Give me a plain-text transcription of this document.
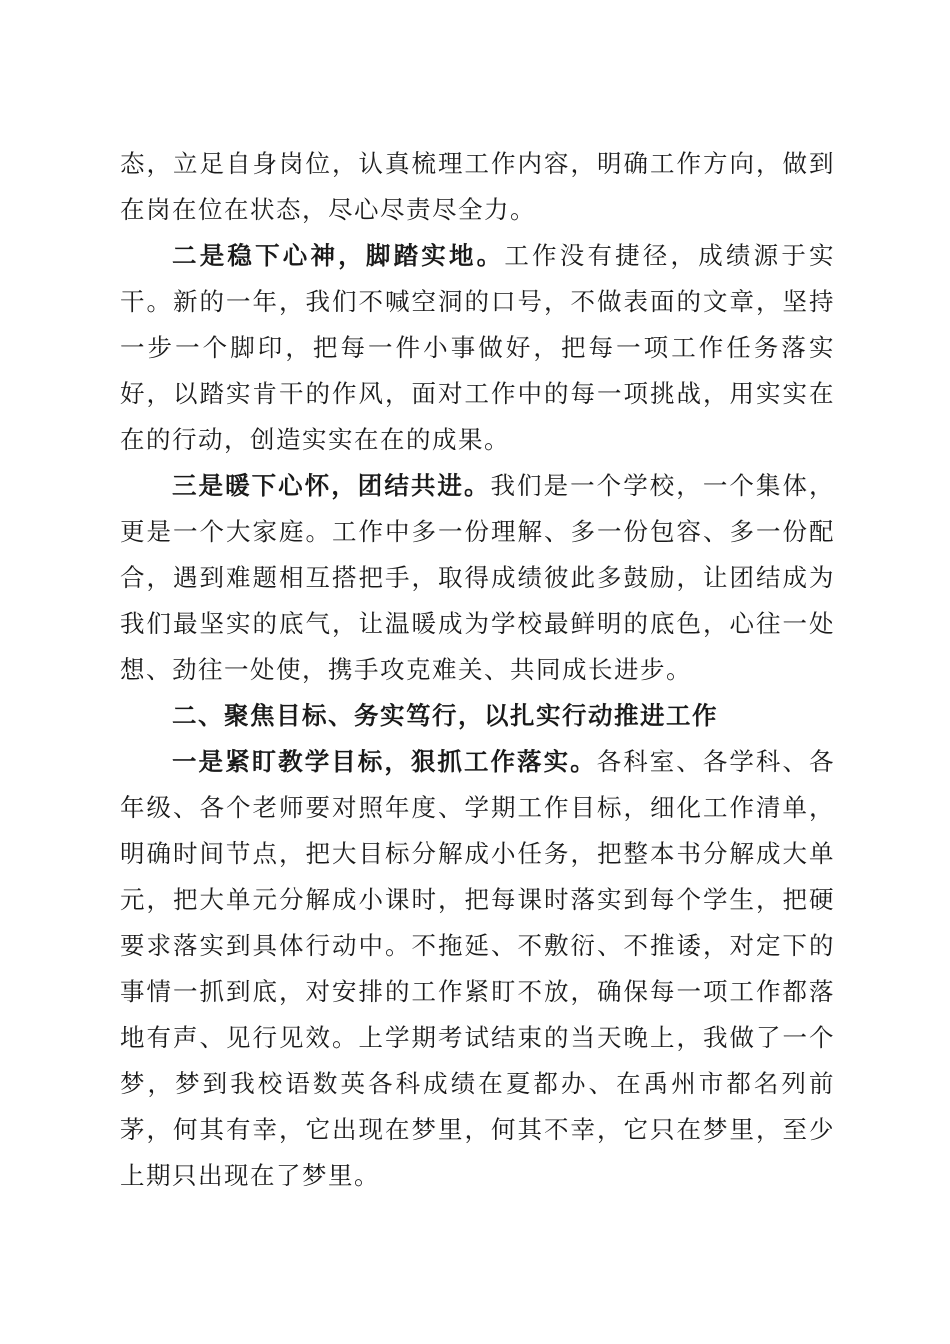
态，立足自身岗位，认真梳理工作内容，明确工作方向，做到在岗在位在状态，尽心尽责尽全力。

二是稳下心神，脚踏实地。工作没有捷径，成绩源于实干。新的一年，我们不喊空洞的口号，不做表面的文章，坚持一步一个脚印，把每一件小事做好，把每一项工作任务落实好，以踏实肯干的作风，面对工作中的每一项挑战，用实实在在的行动，创造实实在在的成果。

三是暖下心怀，团结共进。我们是一个学校，一个集体，更是一个大家庭。工作中多一份理解、多一份包容、多一份配合，遇到难题相互搭把手，取得成绩彼此多鼓励，让团结成为我们最坚实的底气，让温暖成为学校最鲜明的底色，心往一处想、劲往一处使，携手攻克难关、共同成长进步。

二、聚焦目标、务实笃行，以扎实行动推进工作

一是紧盯教学目标，狠抓工作落实。各科室、各学科、各年级、各个老师要对照年度、学期工作目标，细化工作清单，明确时间节点，把大目标分解成小任务，把整本书分解成大单元，把大单元分解成小课时，把每课时落实到每个学生，把硬要求落实到具体行动中。不拖延、不敷衍、不推诿，对定下的事情一抓到底，对安排的工作紧盯不放，确保每一项工作都落地有声、见行见效。上学期考试结束的当天晚上，我做了一个梦，梦到我校语数英各科成绩在夏都办、在禹州市都名列前茅，何其有幸，它出现在梦里，何其不幸，它只在梦里，至少上期只出现在了梦里。
